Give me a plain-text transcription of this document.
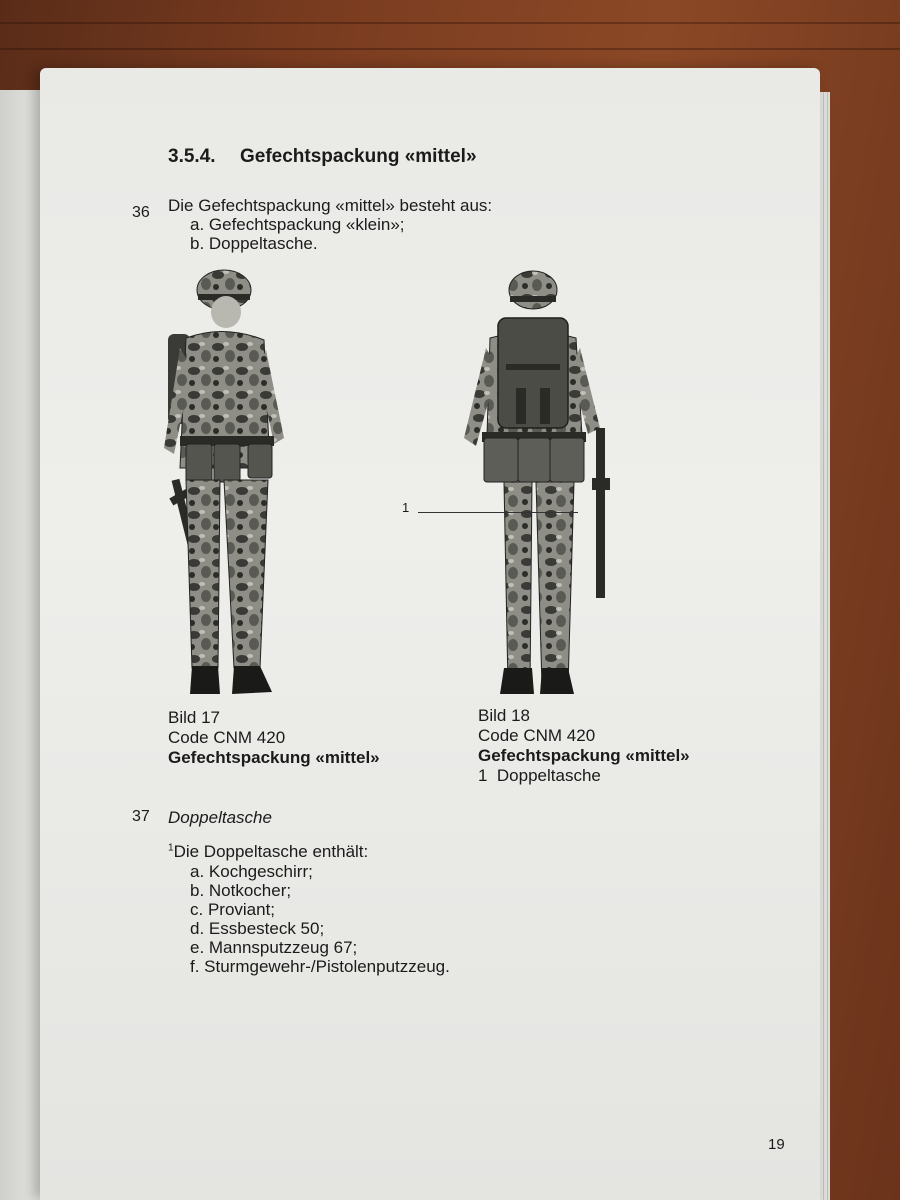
3.5.4. Gefechtspackung «mittel»
36 Die Gefechtspackung «mittel» besteht aus:
a. Gefechtspackung «klein»;
b. Doppeltasche.
1
Bild 17
Code CNM 420
Gefechtspackung «mittel»
Bild 18
Code CNM 420
Gefechtspackung «mittel»
1  Doppeltasche
37 Doppeltasche
$^1$Die Doppeltasche enthält:
a. Kochgeschirr;
b. Notkocher;
c. Proviant;
d. Essbesteck 50;
e. Mannsputzzeug 67;
f. Sturmgewehr-/Pistolenputzzeug.
19
